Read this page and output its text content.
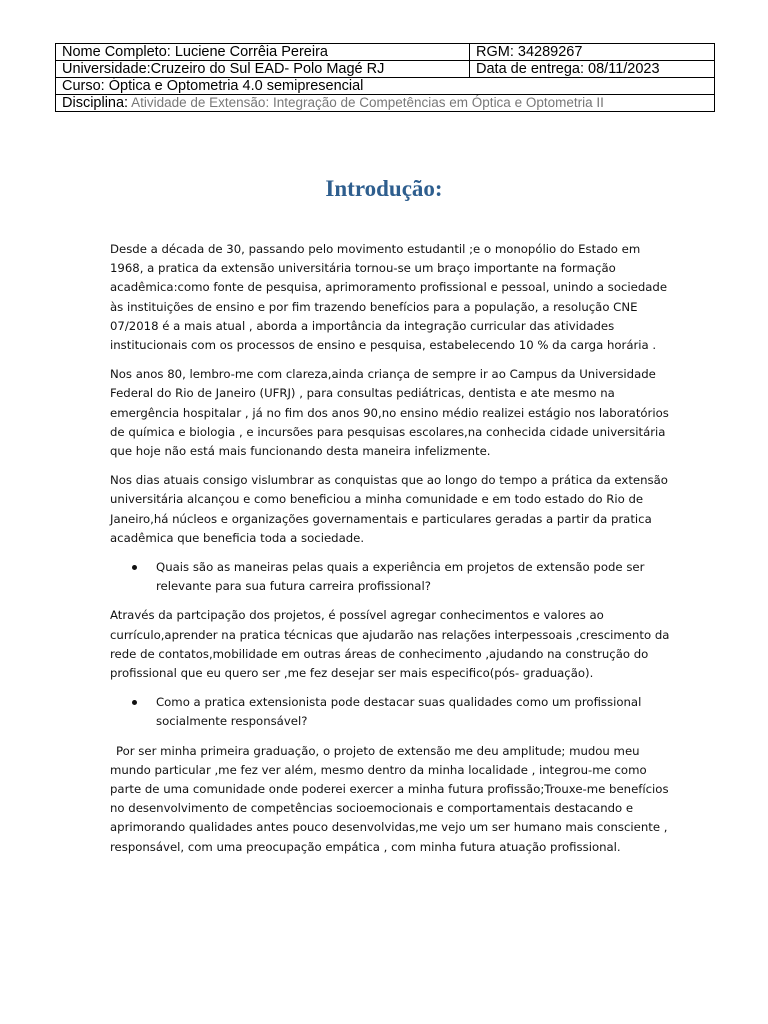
Nome Completo: Luciene Corrêia Pereira	RGM: 34289267
Universidade:Cruzeiro do Sul EAD- Polo Magé RJ	Data de entrega: 08/11/2023
Curso: Óptica e Optometria 4.0 semipresencial	
Disciplina: Atividade de Extensão: Integração de Competências em Óptica e Optometria II	
Introdução:

Desde a década de 30, passando pelo movimento estudantil ;e o monopólio do Estado em 1968, a pratica da extensão universitária tornou-se um braço importante na formação acadêmica:como fonte de pesquisa, aprimoramento profissional e pessoal, unindo a sociedade às instituições de ensino e por fim trazendo benefícios para a população, a resolução CNE 07/2018 é a mais atual , aborda a importância da integração curricular das atividades institucionais com os processos de ensino e pesquisa, estabelecendo 10 % da carga horária .

Nos anos 80, lembro-me com clareza,ainda criança de sempre ir ao Campus da Universidade Federal do Rio de Janeiro (UFRJ) , para consultas pediátricas, dentista e ate mesmo na emergência hospitalar , já no fim dos anos 90,no ensino médio realizei estágio nos laboratórios de química e biologia , e incursões para pesquisas escolares,na conhecida cidade universitária que hoje não está mais funcionando desta maneira infelizmente.

Nos dias atuais consigo vislumbrar as conquistas que ao longo do tempo a prática da extensão universitária alcançou e como beneficiou a minha comunidade e em todo estado do Rio de Janeiro,há núcleos e organizações governamentais e particulares geradas a partir da pratica acadêmica que beneficia toda a sociedade.

Quais são as maneiras pelas quais a experiência em projetos de extensão pode ser relevante para sua futura carreira profissional?

Através da partcipação dos projetos, é possível agregar conhecimentos e valores ao currículo,aprender na pratica técnicas que ajudarão nas relações interpessoais ,crescimento da rede de contatos,mobilidade em outras áreas de conhecimento ,ajudando na construção do profissional que eu quero ser ,me fez desejar ser mais especifico(pós- graduação).

Como a pratica extensionista pode destacar suas qualidades como um profissional socialmente responsável?

Por ser minha primeira graduação, o projeto de extensão me deu amplitude; mudou meu mundo particular ,me fez ver além, mesmo dentro da minha localidade , integrou-me como parte de uma comunidade onde poderei exercer a minha futura profissão;Trouxe-me benefícios no desenvolvimento de competências socioemocionais e comportamentais destacando e aprimorando qualidades antes pouco desenvolvidas,me vejo um ser humano mais consciente , responsável, com uma preocupação empática , com minha futura atuação profissional.
